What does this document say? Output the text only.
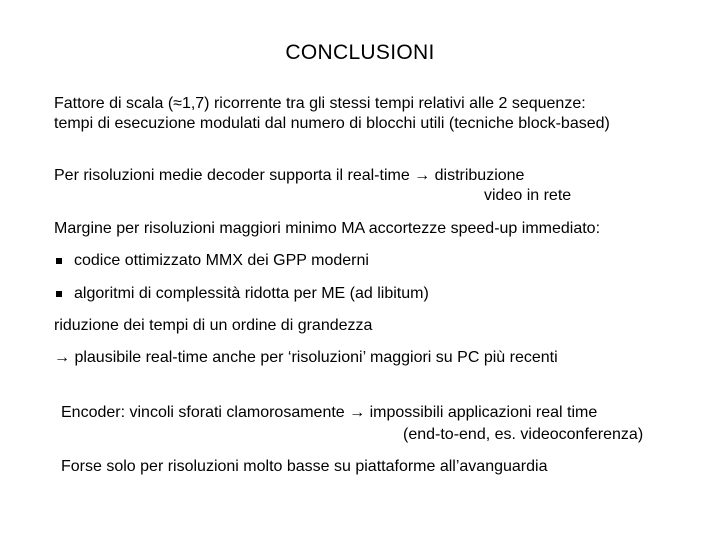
CONCLUSIONI
Fattore di scala (≈1,7) ricorrente tra gli stessi tempi relativi alle 2 sequenze:
tempi di esecuzione modulati dal numero di blocchi utili (tecniche block-based)
Per risoluzioni medie decoder supporta il real-time → distribuzione
video in rete
Margine per risoluzioni maggiori minimo MA accortezze speed-up immediato:
codice ottimizzato MMX dei GPP moderni
algoritmi di complessità ridotta per ME (ad libitum)
riduzione dei tempi di un ordine di grandezza
→ plausibile real-time anche per ‘risoluzioni’ maggiori su PC più recenti
Encoder: vincoli sforati clamorosamente → impossibili applicazioni real time
(end-to-end, es. videoconferenza)
Forse solo per risoluzioni molto basse su piattaforme all’avanguardia
